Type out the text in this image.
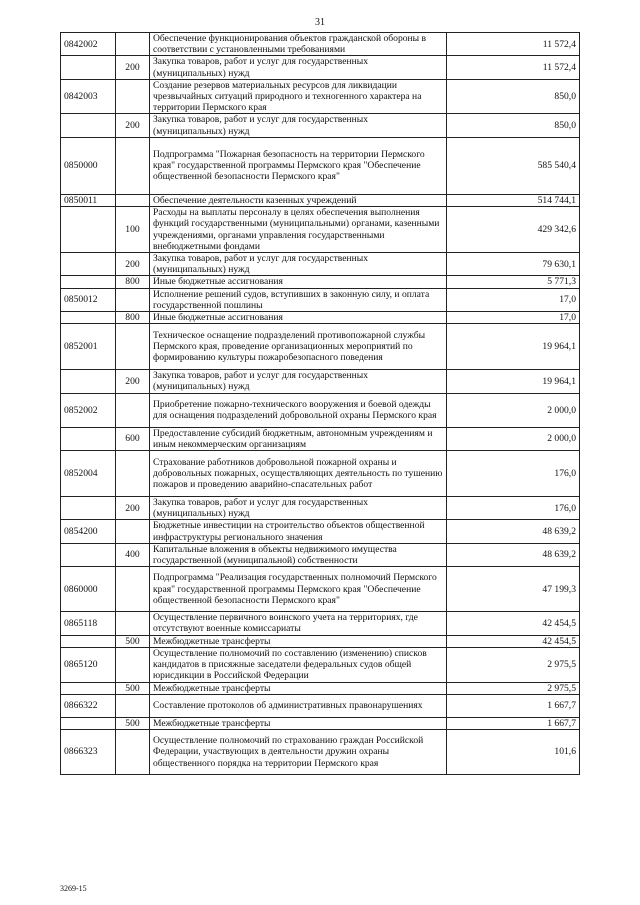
31
0842002		Обеспечение функционирования объектов гражданской обороны в соответствии с установленными требованиями	11 572,4
	200	Закупка товаров, работ и услуг для государственных (муниципальных) нужд	11 572,4
0842003		Создание резервов материальных ресурсов для ликвидации чрезвычайных ситуаций природного и техногенного характера на территории Пермского края	850,0
	200	Закупка товаров, работ и услуг для государственных (муниципальных) нужд	850,0
0850000		Подпрограмма "Пожарная безопасность на территории Пермского края" государственной программы Пермского края "Обеспечение общественной безопасности Пермского края"	585 540,4
0850011		Обеспечение деятельности казенных учреждений	514 744,1
	100	Расходы на выплаты персоналу в целях обеспечения выполнения функций государственными (муниципальными) органами, казенными учреждениями, органами управления государственными внебюджетными фондами	429 342,6
	200	Закупка товаров, работ и услуг для государственных (муниципальных) нужд	79 630,1
	800	Иные бюджетные ассигнования	5 771,3
0850012		Исполнение решений судов, вступивших в законную силу, и оплата государственной пошлины	17,0
	800	Иные бюджетные ассигнования	17,0
0852001		Техническое оснащение подразделений противопожарной службы Пермского края, проведение организационных мероприятий по формированию культуры пожаробезопасного поведения	19 964,1
	200	Закупка товаров, работ и услуг для государственных (муниципальных) нужд	19 964,1
0852002		Приобретение пожарно-технического вооружения и боевой одежды для оснащения подразделений добровольной охраны Пермского края	2 000,0
	600	Предоставление субсидий бюджетным, автономным учреждениям и иным некоммерческим организациям	2 000,0
0852004		Страхование работников добровольной пожарной охраны и добровольных пожарных, осуществляющих деятельность по тушению пожаров и проведению аварийно-спасательных работ	176,0
	200	Закупка товаров, работ и услуг для государственных (муниципальных) нужд	176,0
0854200		Бюджетные инвестиции на строительство объектов общественной инфраструктуры регионального значения	48 639,2
	400	Капитальные вложения в объекты недвижимого имущества государственной (муниципальной) собственности	48 639,2
0860000		Подпрограмма "Реализация государственных полномочий Пермского края" государственной программы Пермского края "Обеспечение общественной безопасности Пермского края"	47 199,3
0865118		Осуществление первичного воинского учета на территориях, где отсутствуют военные комиссариаты	42 454,5
	500	Межбюджетные трансферты	42 454,5
0865120		Осуществление полномочий по составлению (изменению) списков кандидатов в присяжные заседатели федеральных судов общей юрисдикции в Российской Федерации	2 975,5
	500	Межбюджетные трансферты	2 975,5
0866322		Составление протоколов об административных правонарушениях	1 667,7
	500	Межбюджетные трансферты	1 667,7
0866323		Осуществление полномочий по страхованию граждан Российской Федерации, участвующих в деятельности дружин охраны общественного порядка на территории Пермского края	101,6
3269-15
